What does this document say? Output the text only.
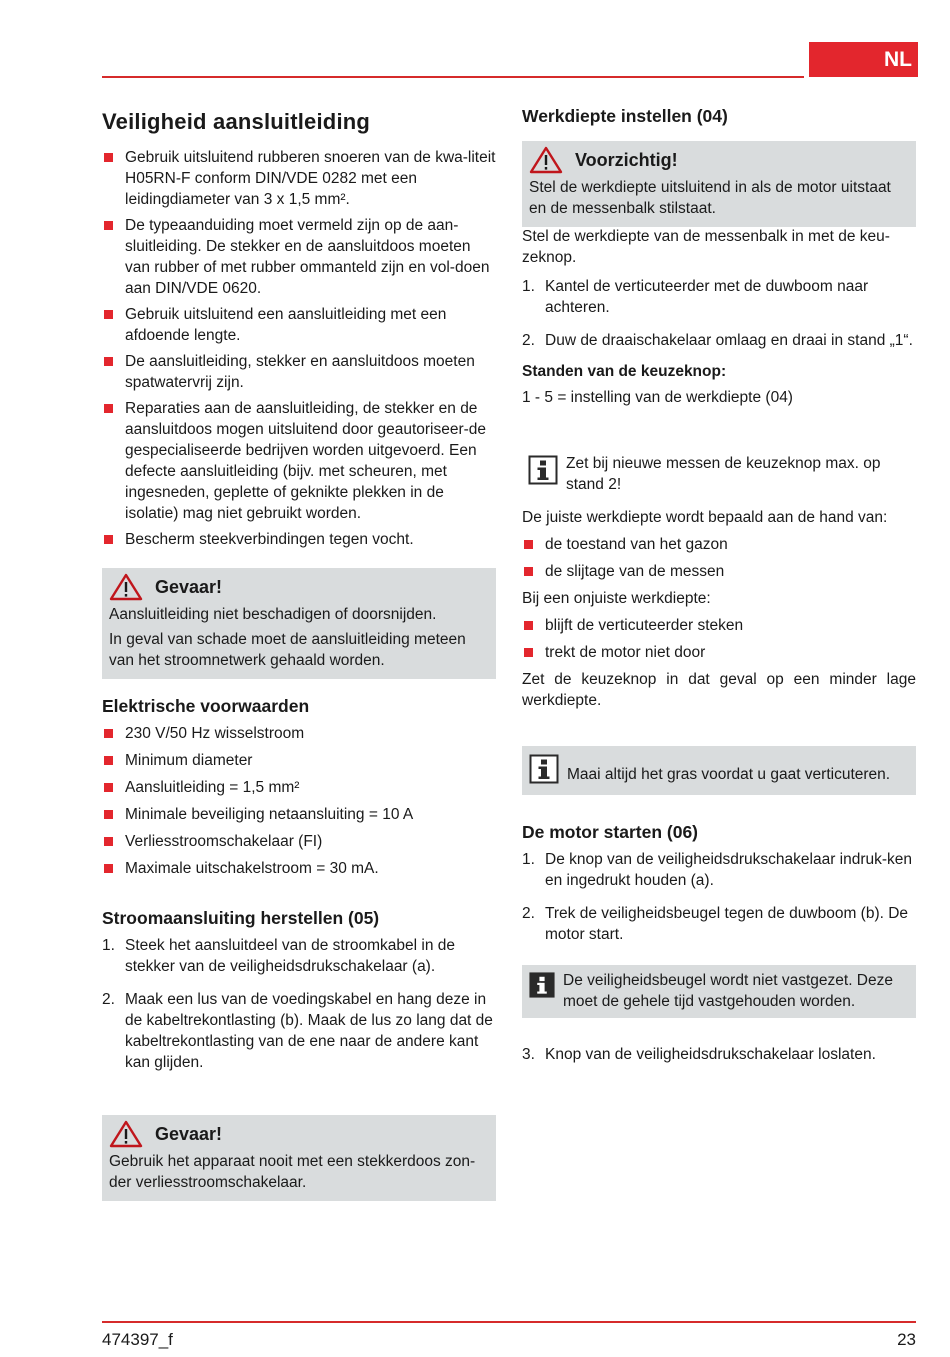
NL
Veiligheid aansluitleiding
Gebruik uitsluitend rubberen snoeren van de kwa-liteit H05RN-F conform DIN/VDE 0282 met een leidingdiameter van 3 x 1,5 mm².
De typeaanduiding moet vermeld zijn op de aan-sluitleiding. De stekker en de aansluitdoos moeten van rubber of met rubber ommanteld zijn en vol-doen aan DIN/VDE 0620.
Gebruik uitsluitend een aansluitleiding met een afdoende lengte.
De aansluitleiding, stekker en aansluitdoos moeten spatwatervrij zijn.
Reparaties aan de aansluitleiding, de stekker en de aansluitdoos mogen uitsluitend door geautoriseer-de gespecialiseerde bedrijven worden uitgevoerd. Een defecte aansluitleiding (bijv. met scheuren, met ingesneden, geplette of geknikte plekken in de isolatie) mag niet gebruikt worden.
Bescherm steekverbindingen tegen vocht.
Gevaar!

Aansluitleiding niet beschadigen of doorsnijden.

In geval van schade moet de aansluitleiding meteen van het stroomnetwerk gehaald worden.

Elektrische voorwaarden
230 V/50 Hz wisselstroom
Minimum diameter
Aansluitleiding = 1,5 mm²
Minimale beveiliging netaansluiting = 10 A
Verliesstroomschakelaar (FI)
Maximale uitschakelstroom = 30 mA.
Stroomaansluiting herstellen (05)
1. Steek het aansluitdeel van de stroomkabel in de stekker van de veiligheidsdrukschakelaar (a).
2. Maak een lus van de voedingskabel en hang deze in de kabeltrekontlasting (b). Maak de lus zo lang dat de kabeltrekontlasting van de ene naar de andere kant kan glijden.
Gevaar!

Gebruik het apparaat nooit met een stekkerdoos zon-der verliesstroomschakelaar.

Werkdiepte instellen (04)
Voorzichtig!

Stel de werkdiepte uitsluitend in als de motor uitstaat en de messenbalk stilstaat.

Stel de werkdiepte van de messenbalk in met de keu-zeknop.

1. Kantel de verticuteerder met de duwboom naar achteren.
2. Duw de draaischakelaar omlaag en draai in stand „1“.
Standen van de keuzeknop:

1 - 5 = instelling van de werkdiepte (04)

Zet bij nieuwe messen de keuzeknop max. op stand 2!

De juiste werkdiepte wordt bepaald aan de hand van:

de toestand van het gazon
de slijtage van de messen

Bij een onjuiste werkdiepte:

blijft de verticuteerder steken
trekt de motor niet door

Zet de keuzeknop in dat geval op een minder lage werkdiepte.

Maai altijd het gras voordat u gaat verticuteren.

De motor starten (06)
1. De knop van de veiligheidsdrukschakelaar indruk-ken en ingedrukt houden (a).
2. Trek de veiligheidsbeugel tegen de duwboom (b). De motor start.

De veiligheidsbeugel wordt niet vastgezet. Deze moet de gehele tijd vastgehouden worden.

3. Knop van de veiligheidsdrukschakelaar loslaten.
474397_f	23
